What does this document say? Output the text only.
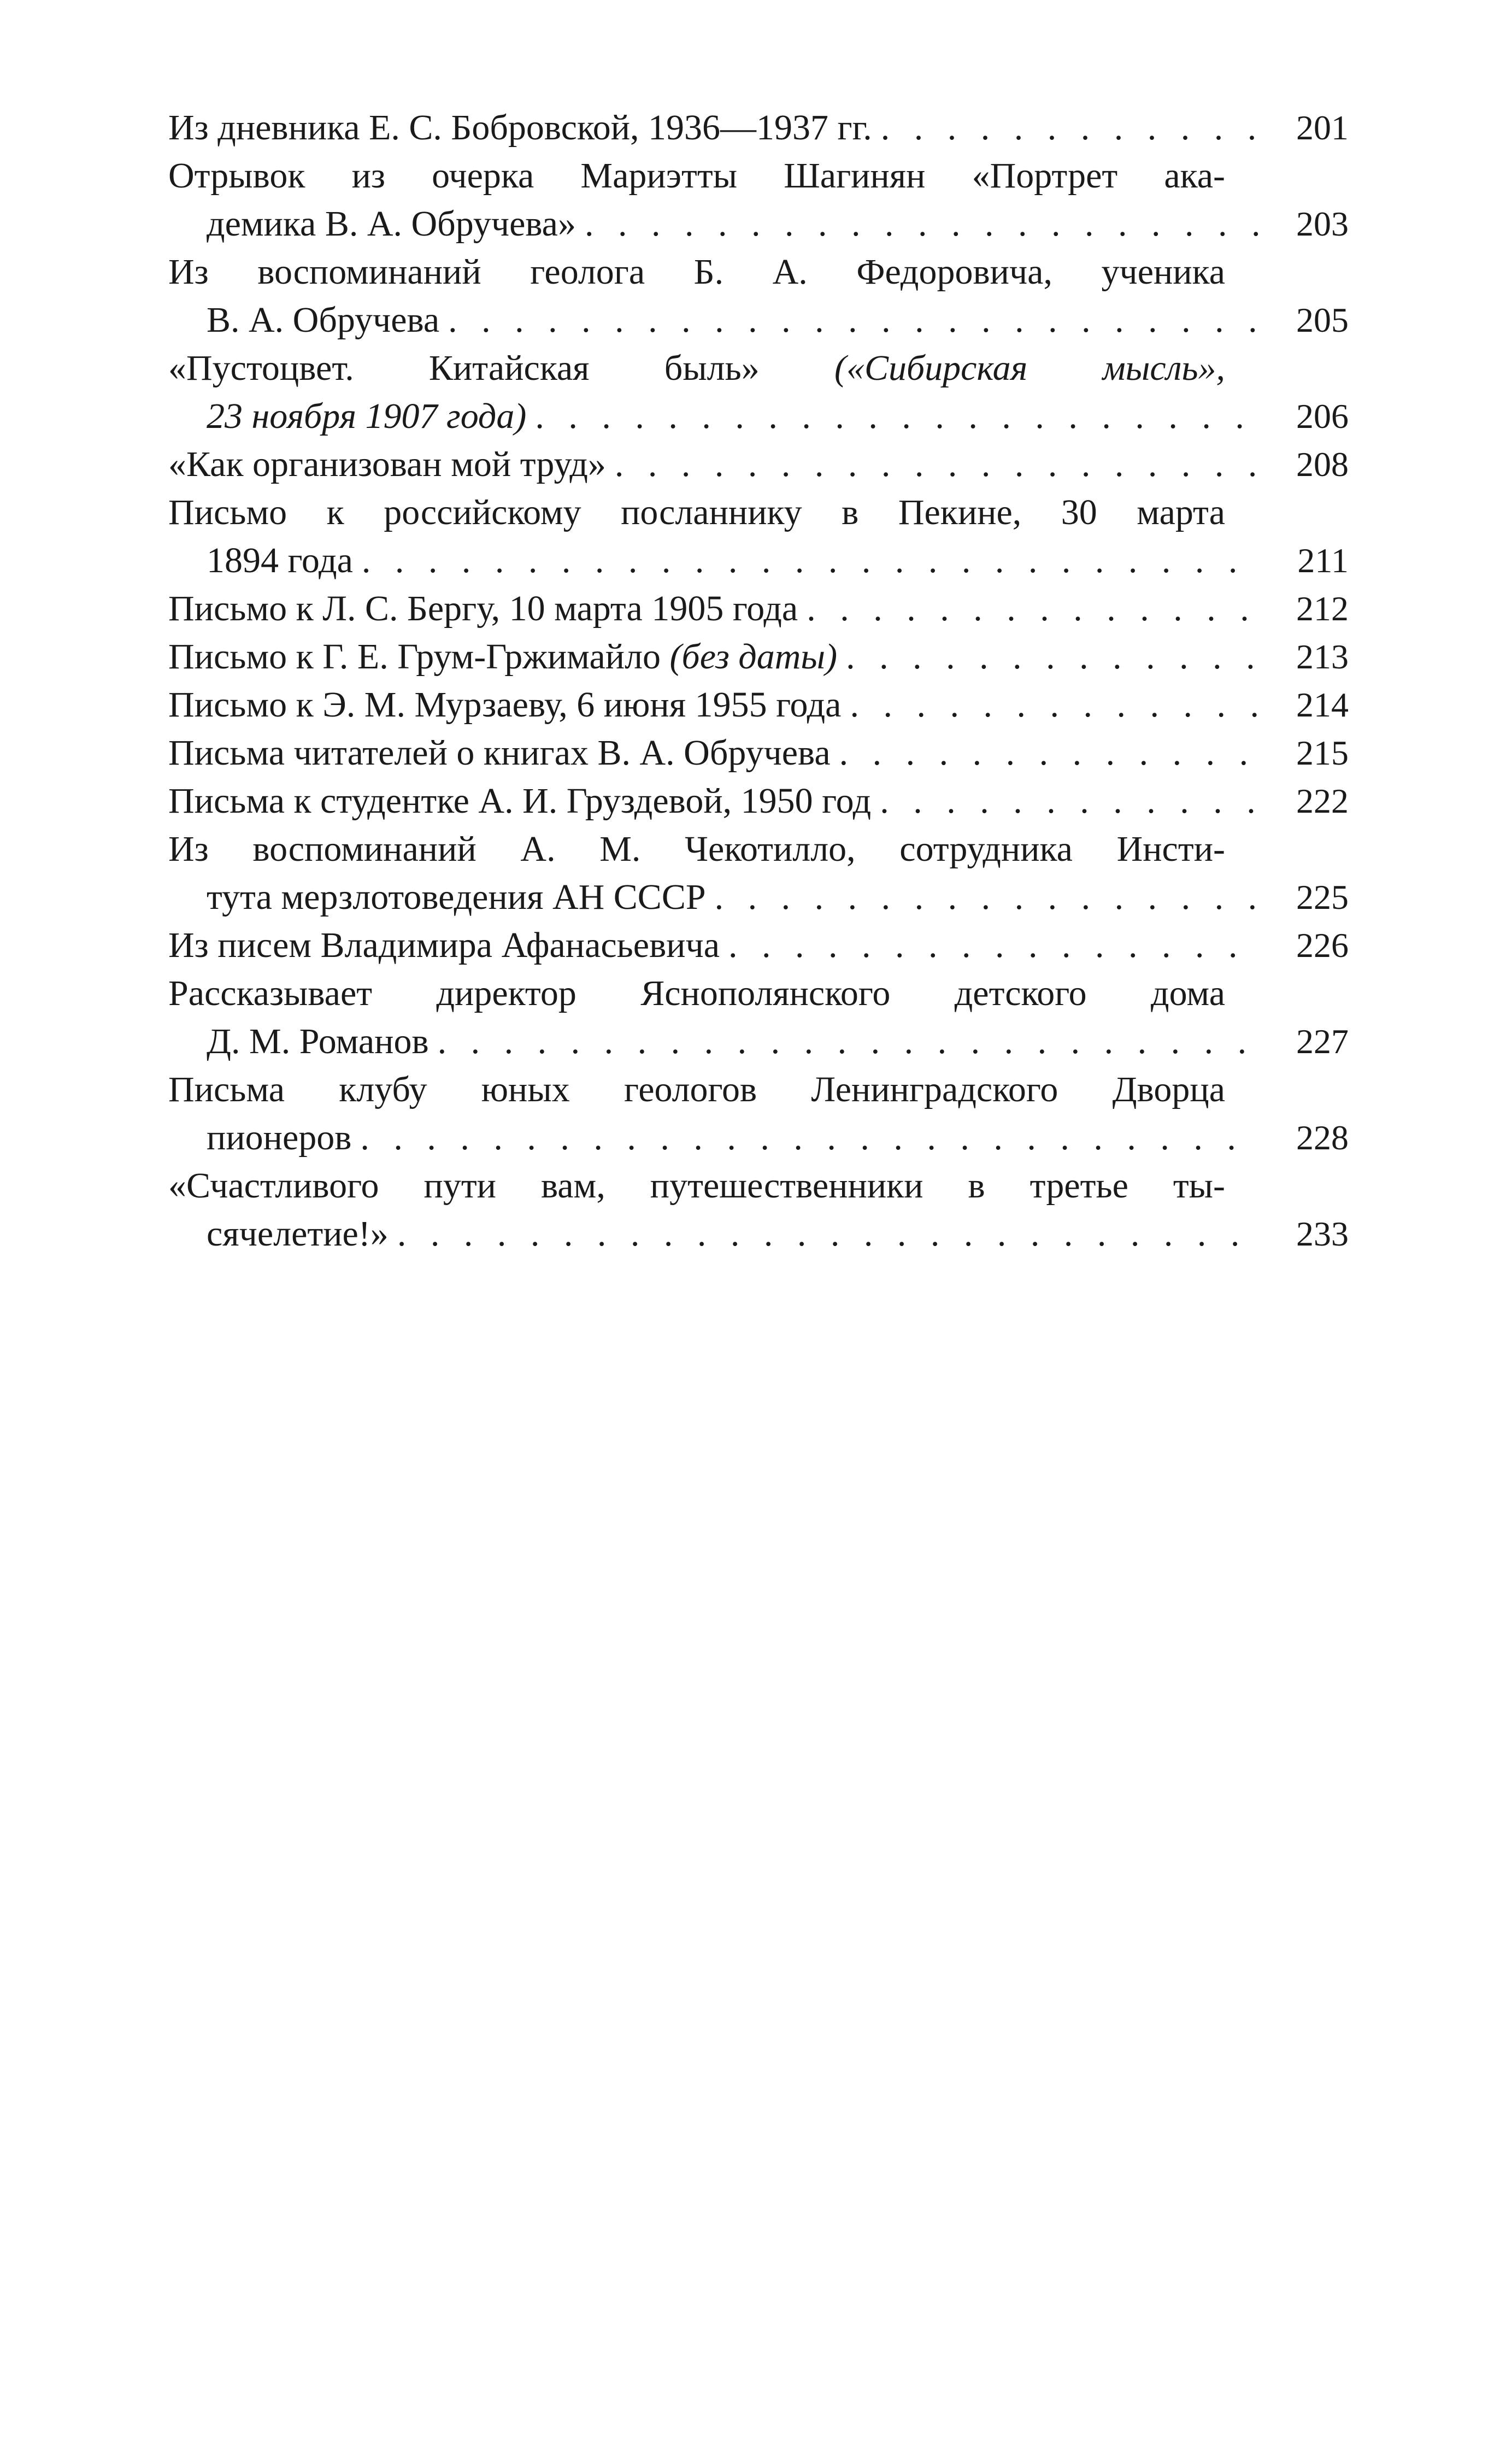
Из дневника Е. С. Бобровской, 1936—1937 гг. . . .	201
Отрывок из очерка Мариэтты Шагинян «Портрет ака-
демика В. А. Обручева» . . .	203
Из воспоминаний геолога Б. А. Федоровича, ученика
В. А. Обручева . . .	205
«Пустоцвет. Китайская быль» («Сибирская мысль»,
23 ноября 1907 года) . . .	206
«Как организован мой труд» . . .	208
Письмо к российскому посланнику в Пекине, 30 марта
1894 года . . .	211
Письмо к Л. С. Бергу, 10 марта 1905 года . . .	212
Письмо к Г. Е. Грум-Гржимайло (без даты) . . .	213
Письмо к Э. М. Мурзаеву, 6 июня 1955 года . . .	214
Письма читателей о книгах В. А. Обручева . . .	215
Письма к студентке А. И. Груздевой, 1950 год . . .	222
Из воспоминаний А. М. Чекотилло, сотрудника Инсти-
тута мерзлотоведения АН СССР . . .	225
Из писем Владимира Афанасьевича . . .	226
Рассказывает директор Яснополянского детского дома
Д. М. Романов . . .	227
Письма клубу юных геологов Ленинградского Дворца
пионеров . . .	228
«Счастливого пути вам, путешественники в третье ты-
сячелетие!» . . .	233
